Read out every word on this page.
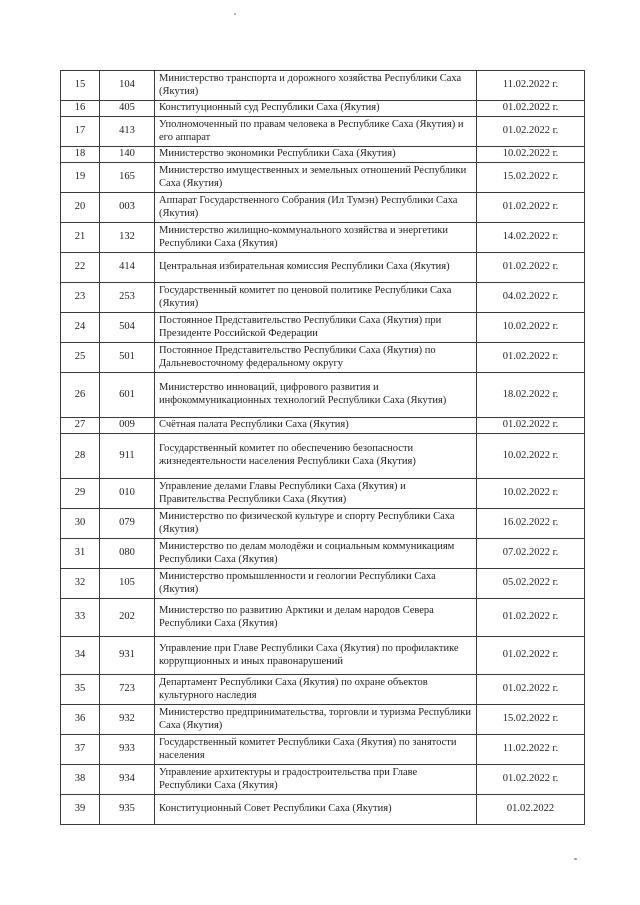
15	104	Министерство транспорта и дорожного хозяйства Республики Саха (Якутия)	11.02.2022 г.
16	405	Конституционный суд Республики Саха (Якутия)	01.02.2022 г.
17	413	Уполномоченный по правам человека в Республике Саха (Якутия) и его аппарат	01.02.2022 г.
18	140	Министерство экономики Республики Саха (Якутия)	10.02.2022 г.
19	165	Министерство имущественных и земельных отношений Республики Саха (Якутия)	15.02.2022 г.
20	003	Аппарат Государственного Собрания (Ил Тумэн) Республики Саха (Якутия)	01.02.2022 г.
21	132	Министерство жилищно-коммунального хозяйства и энергетики Республики Саха (Якутия)	14.02.2022 г.
22	414	Центральная избирательная комиссия Республики Саха (Якутия)	01.02.2022 г.
23	253	Государственный комитет по ценовой политике Республики Саха (Якутия)	04.02.2022 г.
24	504	Постоянное Представительство Республики Саха (Якутия) при Президенте Российской Федерации	10.02.2022 г.
25	501	Постоянное Представительство Республики Саха (Якутия) по Дальневосточному федеральному округу	01.02.2022 г.
26	601	Министерство инноваций, цифрового развития и инфокоммуникационных технологий Республики Саха (Якутия)	18.02.2022 г.
27	009	Счётная палата Республики Саха (Якутия)	01.02.2022 г.
28	911	Государственный комитет по обеспечению безопасности жизнедеятельности населения Республики Саха (Якутия)	10.02.2022 г.
29	010	Управление делами Главы Республики Саха (Якутия) и Правительства Республики Саха (Якутия)	10.02.2022 г.
30	079	Министерство по физической культуре и спорту Республики Саха (Якутия)	16.02.2022 г.
31	080	Министерство по делам молодёжи и социальным коммуникациям Республики Саха (Якутия)	07.02.2022 г.
32	105	Министерство промышленности и геологии Республики Саха (Якутия)	05.02.2022 г.
33	202	Министерство по развитию Арктики и делам народов Севера Республики Саха (Якутия)	01.02.2022 г.
34	931	Управление при Главе Республики Саха (Якутия) по профилактике коррупционных и иных правонарушений	01.02.2022 г.
35	723	Департамент Республики Саха (Якутия) по охране объектов культурного наследия	01.02.2022 г.
36	932	Министерство предпринимательства, торговли и туризма Республики Саха (Якутия)	15.02.2022 г.
37	933	Государственный комитет Республики Саха (Якутия) по занятости населения	11.02.2022 г.
38	934	Управление архитектуры и градостроительства при Главе Республики Саха (Якутия)	01.02.2022 г.
39	935	Конституционный Совет Республики Саха (Якутия)	01.02.2022
